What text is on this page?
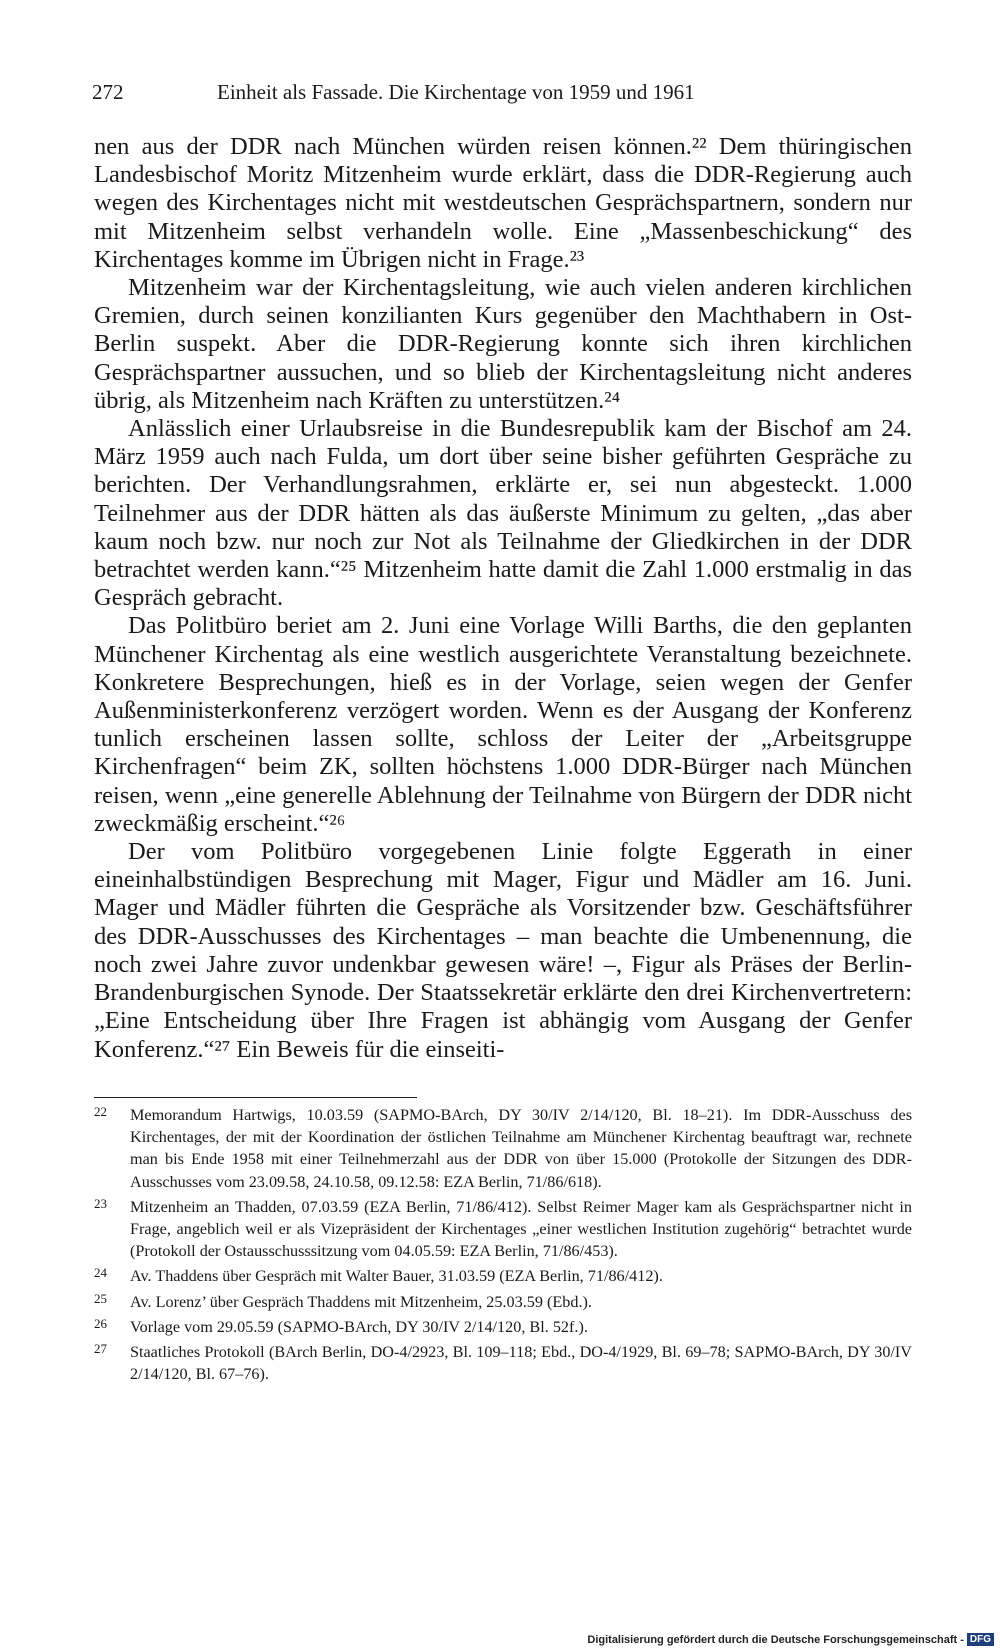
272	Einheit als Fassade. Die Kirchentage von 1959 und 1961

nen aus der DDR nach München würden reisen können.²² Dem thüringischen Landesbischof Moritz Mitzenheim wurde erklärt, dass die DDR-Regierung auch wegen des Kirchentages nicht mit westdeutschen Gesprächspartnern, sondern nur mit Mitzenheim selbst verhandeln wolle. Eine „Massenbeschickung“ des Kirchentages komme im Übrigen nicht in Frage.²³

Mitzenheim war der Kirchentagsleitung, wie auch vielen anderen kirchlichen Gremien, durch seinen konzilianten Kurs gegenüber den Machthabern in Ost-Berlin suspekt. Aber die DDR-Regierung konnte sich ihren kirchlichen Gesprächspartner aussuchen, und so blieb der Kirchentagsleitung nicht anderes übrig, als Mitzenheim nach Kräften zu unterstützen.²⁴

Anlässlich einer Urlaubsreise in die Bundesrepublik kam der Bischof am 24. März 1959 auch nach Fulda, um dort über seine bisher geführten Gespräche zu berichten. Der Verhandlungsrahmen, erklärte er, sei nun abgesteckt. 1.000 Teilnehmer aus der DDR hätten als das äußerste Minimum zu gelten, „das aber kaum noch bzw. nur noch zur Not als Teilnahme der Gliedkirchen in der DDR betrachtet werden kann.“²⁵ Mitzenheim hatte damit die Zahl 1.000 erstmalig in das Gespräch gebracht.

Das Politbüro beriet am 2. Juni eine Vorlage Willi Barths, die den geplanten Münchener Kirchentag als eine westlich ausgerichtete Veranstaltung bezeichnete. Konkretere Besprechungen, hieß es in der Vorlage, seien wegen der Genfer Außenministerkonferenz verzögert worden. Wenn es der Ausgang der Konferenz tunlich erscheinen lassen sollte, schloss der Leiter der „Arbeitsgruppe Kirchenfragen“ beim ZK, sollten höchstens 1.000 DDR-Bürger nach München reisen, wenn „eine generelle Ablehnung der Teilnahme von Bürgern der DDR nicht zweckmäßig erscheint.“²⁶

Der vom Politbüro vorgegebenen Linie folgte Eggerath in einer eineinhalbstündigen Besprechung mit Mager, Figur und Mädler am 16. Juni. Mager und Mädler führten die Gespräche als Vorsitzender bzw. Geschäftsführer des DDR-Ausschusses des Kirchentages – man beachte die Umbenennung, die noch zwei Jahre zuvor undenkbar gewesen wäre! –, Figur als Präses der Berlin-Brandenburgischen Synode. Der Staatssekretär erklärte den drei Kirchenvertretern: „Eine Entscheidung über Ihre Fragen ist abhängig vom Ausgang der Genfer Konferenz.“²⁷ Ein Beweis für die einseiti-

22 Memorandum Hartwigs, 10.03.59 (SAPMO-BArch, DY 30/IV 2/14/120, Bl. 18–21). Im DDR-Ausschuss des Kirchentages, der mit der Koordination der östlichen Teilnahme am Münchener Kirchentag beauftragt war, rechnete man bis Ende 1958 mit einer Teilnehmerzahl aus der DDR von über 15.000 (Protokolle der Sitzungen des DDR-Ausschusses vom 23.09.58, 24.10.58, 09.12.58: EZA Berlin, 71/86/618).
23 Mitzenheim an Thadden, 07.03.59 (EZA Berlin, 71/86/412). Selbst Reimer Mager kam als Gesprächspartner nicht in Frage, angeblich weil er als Vizepräsident der Kirchentages „einer westlichen Institution zugehörig“ betrachtet wurde (Protokoll der Ostausschusssitzung vom 04.05.59: EZA Berlin, 71/86/453).
24 Av. Thaddens über Gespräch mit Walter Bauer, 31.03.59 (EZA Berlin, 71/86/412).
25 Av. Lorenz’ über Gespräch Thaddens mit Mitzenheim, 25.03.59 (Ebd.).
26 Vorlage vom 29.05.59 (SAPMO-BArch, DY 30/IV 2/14/120, Bl. 52f.).
27 Staatliches Protokoll (BArch Berlin, DO-4/2923, Bl. 109–118; Ebd., DO-4/1929, Bl. 69–78; SAPMO-BArch, DY 30/IV 2/14/120, Bl. 67–76).
Digitalisierung gefördert durch die Deutsche Forschungsgemeinschaft - DFG
